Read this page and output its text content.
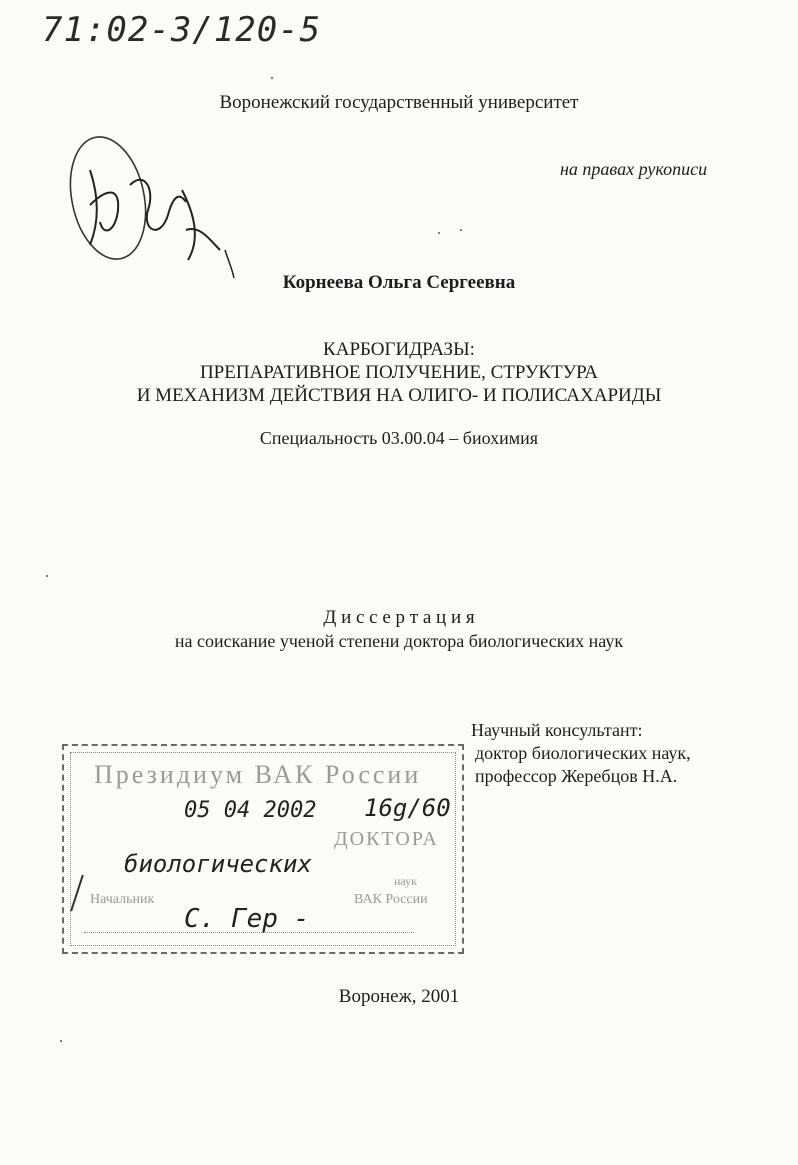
71:02-3/120-5
Воронежский государственный университет
на правах рукописи
Корнеева Ольга Сергеевна
КАРБОГИДРАЗЫ:
ПРЕПАРАТИВНОЕ ПОЛУЧЕНИЕ, СТРУКТУРА
И МЕХАНИЗМ ДЕЙСТВИЯ НА ОЛИГО- И ПОЛИСАХАРИДЫ
Специальность 03.00.04 – биохимия
Д и с с е р т а ц и я
на соискание ученой степени доктора биологических наук
Научный консультант:
доктор биологических наук,
профессор Жеребцов Н.А.
Президиум ВАК России
ДОКТОРА
Начальник
наук
ВАК России
05 04 2002 16g/60
биологических
С. Гер -
Воронеж, 2001
